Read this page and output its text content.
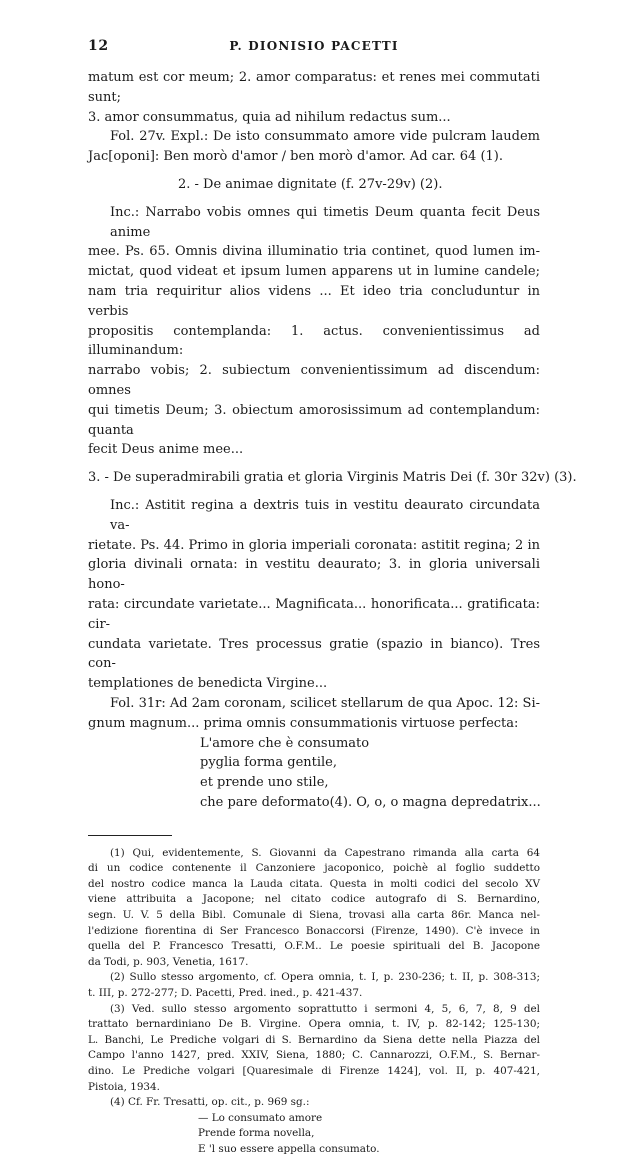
12	P. DIONISIO PACETTI
matum est cor meum; 2. amor comparatus: et renes mei commutati sunt;
3. amor consummatus, quia ad nihilum redactus sum...
Fol. 27v. Expl.: De isto consummato amore vide pulcram laudem
Jac[oponi]: Ben morò d'amor / ben morò d'amor. Ad car. 64 (1).
2. - De animae dignitate (f. 27v-29v) (2).
Inc.: Narrabo vobis omnes qui timetis Deum quanta fecit Deus anime
mee. Ps. 65. Omnis divina illuminatio tria continet, quod lumen im-
mictat, quod videat et ipsum lumen apparens ut in lumine candele;
nam tria requiritur alios videns ... Et ideo tria concluduntur in verbis
propositis contemplanda: 1. actus. convenientissimus ad illuminandum:
narrabo vobis; 2. subiectum convenientissimum ad discendum: omnes
qui timetis Deum; 3. obiectum amorosissimum ad contemplandum: quanta
fecit Deus anime mee...
3. - De superadmirabili gratia et gloria Virginis Matris Dei (f. 30r 32v) (3).
Inc.: Astitit regina a dextris tuis in vestitu deaurato circundata va-
rietate. Ps. 44. Primo in gloria imperiali coronata: astitit regina; 2 in
gloria divinali ornata: in vestitu deaurato; 3. in gloria universali hono-
rata: circundate varietate... Magnificata... honorificata... gratificata: cir-
cundata varietate. Tres processus gratie (spazio in bianco). Tres con-
templationes de benedicta Virgine...
Fol. 31r: Ad 2am coronam, scilicet stellarum de qua Apoc. 12: Si-
gnum magnum... prima omnis consummationis virtuose perfecta:
L'amore che è consumato
pyglia forma gentile,
et prende uno stile,
che pare deformato(4). O, o, o magna depredatrix...
(1) Qui, evidentemente, S. Giovanni da Capestrano rimanda alla carta 64
di un codice contenente il Canzoniere jacoponico, poichè al foglio suddetto
del nostro codice manca la Lauda citata. Questa in molti codici del secolo XV
viene attribuita a Jacopone; nel citato codice autografo di S. Bernardino,
segn. U. V. 5 della Bibl. Comunale di Siena, trovasi alla carta 86r. Manca nel-
l'edizione fiorentina di Ser Francesco Bonaccorsi (Firenze, 1490). C'è invece in
quella del P. Francesco Tresatti, O.F.M.. Le poesie spirituali del B. Jacopone
da Todi, p. 903, Venetia, 1617.
(2) Sullo stesso argomento, cf. Opera omnia, t. I, p. 230-236; t. II, p. 308-313;
t. III, p. 272-277; D. Pacetti, Pred. ined., p. 421-437.
(3) Ved. sullo stesso argomento soprattutto i sermoni 4, 5, 6, 7, 8, 9 del
trattato bernardiniano De B. Virgine. Opera omnia, t. IV, p. 82-142; 125-130;
L. Banchi, Le Prediche volgari di S. Bernardino da Siena dette nella Piazza del
Campo l'anno 1427, pred. XXIV, Siena, 1880; C. Cannarozzi, O.F.M., S. Bernar-
dino. Le Prediche volgari [Quaresimale di Firenze 1424], vol. II, p. 407-421,
Pistoia, 1934.
(4) Cf. Fr. Tresatti, op. cit., p. 969 sg.:
— Lo consumato amore
Prende forma novella,
E 'l suo essere appella consumato.
